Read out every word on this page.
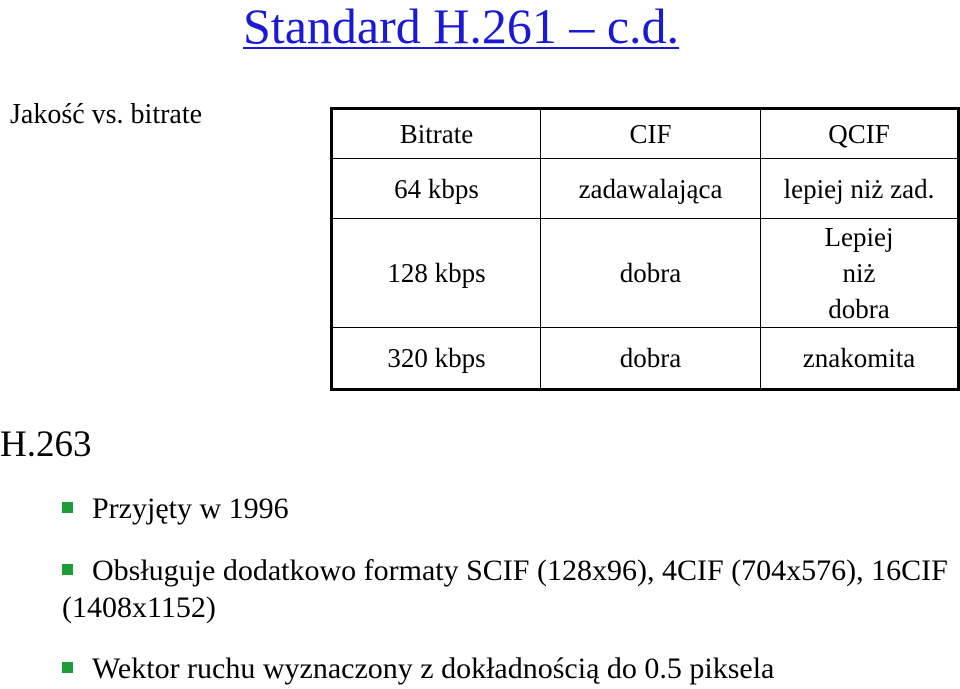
Standard H.261 – c.d.
Jakość vs. bitrate
Bitrate	CIF	QCIF
64 kbps	zadawalająca	lepiej niż zad.
128 kbps	dobra	Lepiej niż dobra
320 kbps	dobra	znakomita
H.263
Przyjęty w 1996
Obsługuje dodatkowo formaty SCIF (128x96), 4CIF (704x576), 16CIF (1408x1152)
Wektor ruchu wyznaczony z dokładnością do 0.5 piksela
